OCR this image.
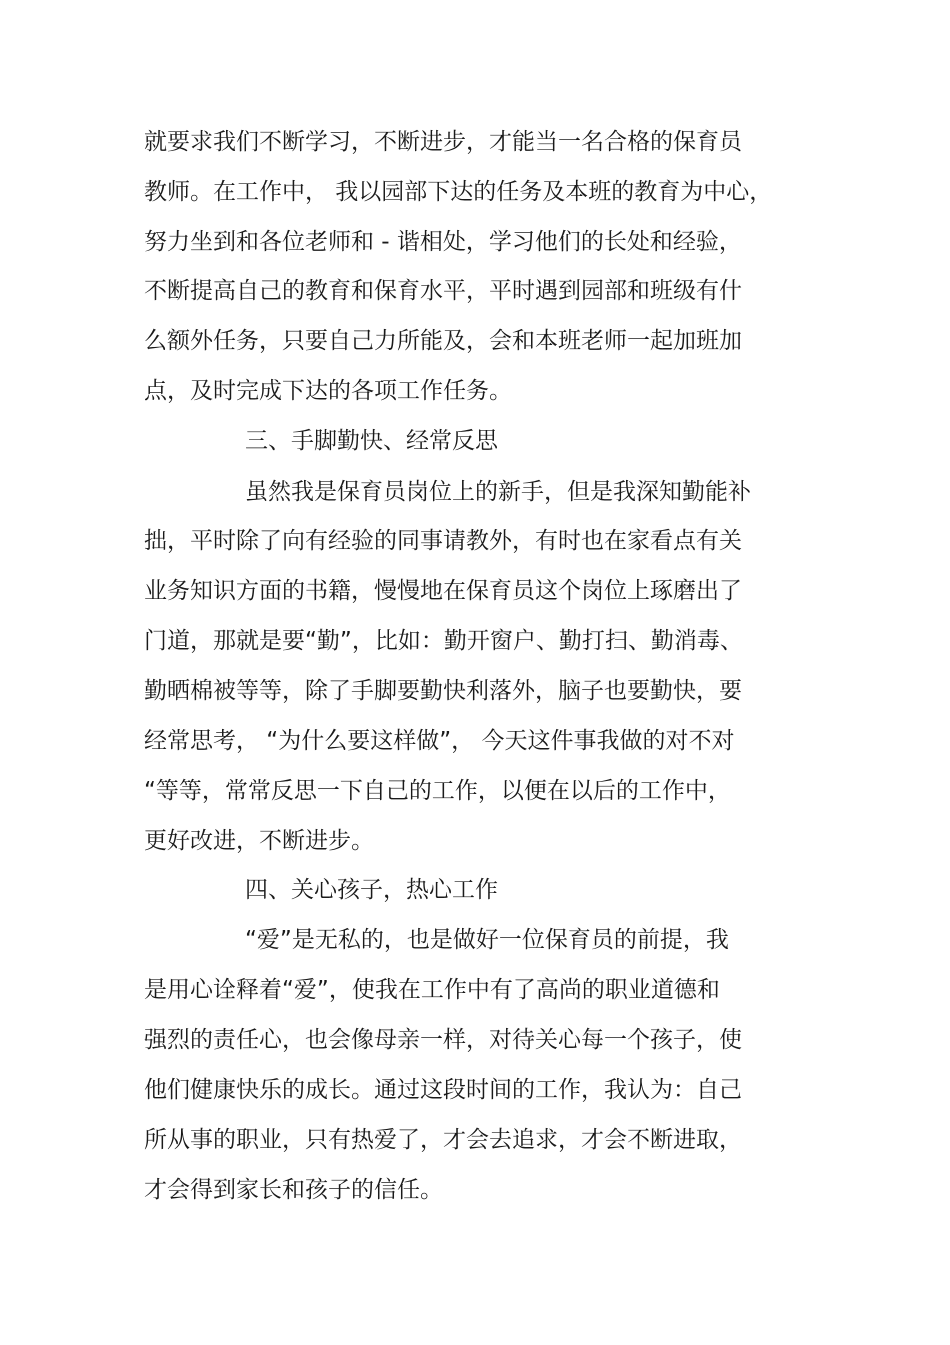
就要求我们不断学习，不断进步，才能当一名合格的保育员
教师。在工作中， 我以园部下达的任务及本班的教育为中心，
努力坐到和各位老师和 - 谐相处，学习他们的长处和经验，
不断提高自己的教育和保育水平，平时遇到园部和班级有什
么额外任务，只要自己力所能及，会和本班老师一起加班加
点，及时完成下达的各项工作任务。
三、手脚勤快、经常反思
虽然我是保育员岗位上的新手，但是我深知勤能补
拙，平时除了向有经验的同事请教外，有时也在家看点有关
业务知识方面的书籍，慢慢地在保育员这个岗位上琢磨出了
门道，那就是要“勤”，比如：勤开窗户、勤打扫、勤消毒、
勤晒棉被等等，除了手脚要勤快利落外，脑子也要勤快，要
经常思考， “为什么要这样做”， 今天这件事我做的对不对
“等等，常常反思一下自己的工作，以便在以后的工作中，
更好改进，不断进步。
四、关心孩子，热心工作
“爱”是无私的，也是做好一位保育员的前提，我
是用心诠释着“爱”，使我在工作中有了高尚的职业道德和
强烈的责任心，也会像母亲一样，对待关心每一个孩子，使
他们健康快乐的成长。通过这段时间的工作，我认为：自己
所从事的职业，只有热爱了，才会去追求，才会不断进取，
才会得到家长和孩子的信任。
